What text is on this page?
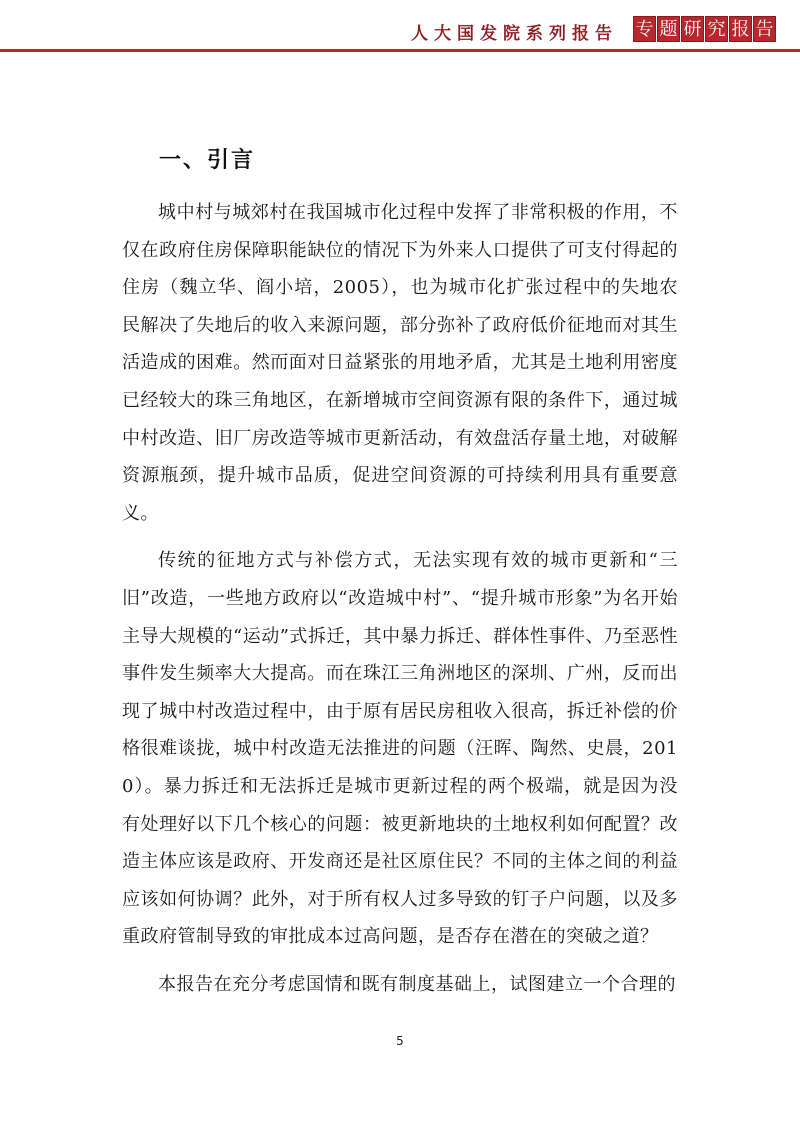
人大国发院系列报告 专 题 研 究 报 告
一、引言

城中村与城郊村在我国城市化过程中发挥了非常积极的作用，不仅在政府住房保障职能缺位的情况下为外来人口提供了可支付得起的住房（魏立华、阎小培，2005），也为城市化扩张过程中的失地农民解决了失地后的收入来源问题，部分弥补了政府低价征地而对其生活造成的困难。然而面对日益紧张的用地矛盾，尤其是土地利用密度已经较大的珠三角地区，在新增城市空间资源有限的条件下，通过城中村改造、旧厂房改造等城市更新活动，有效盘活存量土地，对破解资源瓶颈，提升城市品质，促进空间资源的可持续利用具有重要意义。

传统的征地方式与补偿方式，无法实现有效的城市更新和“三旧”改造，一些地方政府以“改造城中村”、“提升城市形象”为名开始主导大规模的“运动”式拆迁，其中暴力拆迁、群体性事件、乃至恶性事件发生频率大大提高。而在珠江三角洲地区的深圳、广州，反而出现了城中村改造过程中，由于原有居民房租收入很高，拆迁补偿的价格很难谈拢，城中村改造无法推进的问题（汪晖、陶然、史晨，2010）。暴力拆迁和无法拆迁是城市更新过程的两个极端，就是因为没有处理好以下几个核心的问题：被更新地块的土地权利如何配置？改造主体应该是政府、开发商还是社区原住民？不同的主体之间的利益应该如何协调？此外，对于所有权人过多导致的钉子户问题，以及多重政府管制导致的审批成本过高问题，是否存在潜在的突破之道？

本报告在充分考虑国情和既有制度基础上，试图建立一个合理的

5
